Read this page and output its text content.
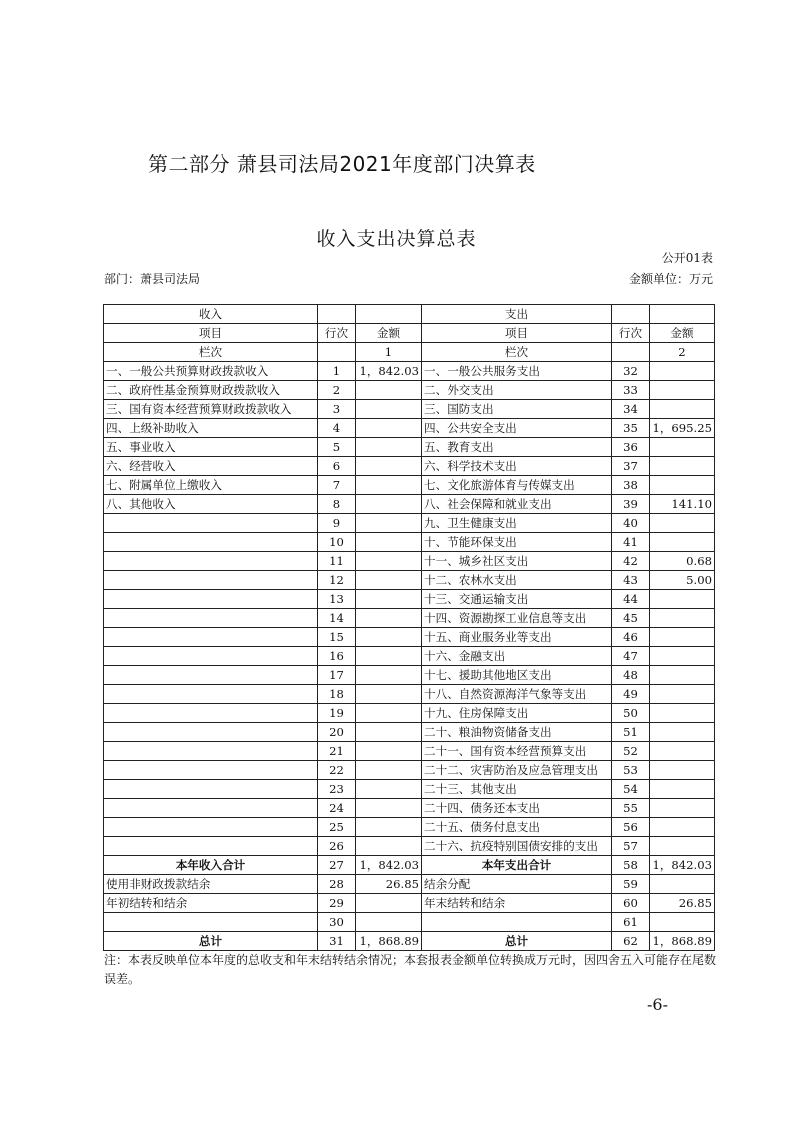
第二部分 萧县司法局2021年度部门决算表
收入支出决算总表
公开01表
部门：萧县司法局	金额单位：万元
收入			支出		
项目	行次	金额	项目	行次	金额
栏次		1	栏次		2
一、一般公共预算财政拨款收入	1	1，842.03	一、一般公共服务支出	32	
二、政府性基金预算财政拨款收入	2		二、外交支出	33	
三、国有资本经营预算财政拨款收入	3		三、国防支出	34	
四、上级补助收入	4		四、公共安全支出	35	1，695.25
五、事业收入	5		五、教育支出	36	
六、经营收入	6		六、科学技术支出	37	
七、附属单位上缴收入	7		七、文化旅游体育与传媒支出	38	
八、其他收入	8		八、社会保障和就业支出	39	141.10
	9		九、卫生健康支出	40	
	10		十、节能环保支出	41	
	11		十一、城乡社区支出	42	0.68
	12		十二、农林水支出	43	5.00
	13		十三、交通运输支出	44	
	14		十四、资源勘探工业信息等支出	45	
	15		十五、商业服务业等支出	46	
	16		十六、金融支出	47	
	17		十七、援助其他地区支出	48	
	18		十八、自然资源海洋气象等支出	49	
	19		十九、住房保障支出	50	
	20		二十、粮油物资储备支出	51	
	21		二十一、国有资本经营预算支出	52	
	22		二十二、灾害防治及应急管理支出	53	
	23		二十三、其他支出	54	
	24		二十四、债务还本支出	55	
	25		二十五、债务付息支出	56	
	26		二十六、抗疫特别国债安排的支出	57	
本年收入合计	27	1，842.03	本年支出合计	58	1，842.03
使用非财政拨款结余	28	26.85	结余分配	59	
年初结转和结余	29		年末结转和结余	60	26.85
	30			61	
总计	31	1，868.89	总计	62	1，868.89
注：本表反映单位本年度的总收支和年末结转结余情况；本套报表金额单位转换成万元时，因四舍五入可能存在尾数误差。
-6-
